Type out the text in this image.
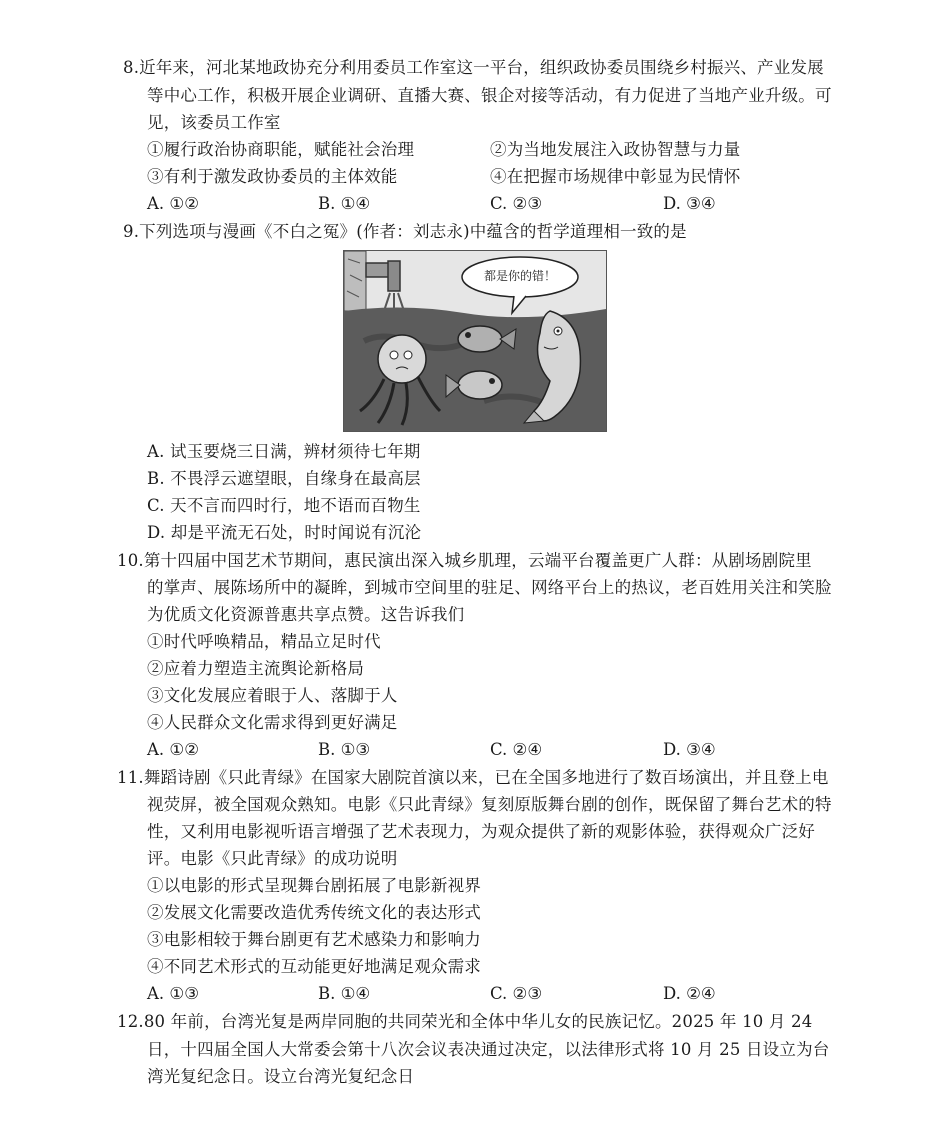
8.近年来，河北某地政协充分利用委员工作室这一平台，组织政协委员围绕乡村振兴、产业发展
等中心工作，积极开展企业调研、直播大赛、银企对接等活动，有力促进了当地产业升级。可
见，该委员工作室
①履行政治协商职能，赋能社会治理	②为当地发展注入政协智慧与力量
③有利于激发政协委员的主体效能	④在把握市场规律中彰显为民情怀
A. ①②	B. ①④	C. ②③	D. ③④
9.下列选项与漫画《不白之冤》(作者：刘志永)中蕴含的哲学道理相一致的是
都是你的错！
A. 试玉要烧三日满，辨材须待七年期
B. 不畏浮云遮望眼，自缘身在最高层
C. 天不言而四时行，地不语而百物生
D. 却是平流无石处，时时闻说有沉沦
10.第十四届中国艺术节期间，惠民演出深入城乡肌理，云端平台覆盖更广人群：从剧场剧院里
的掌声、展陈场所中的凝眸，到城市空间里的驻足、网络平台上的热议，老百姓用关注和笑脸
为优质文化资源普惠共享点赞。这告诉我们
①时代呼唤精品，精品立足时代
②应着力塑造主流舆论新格局
③文化发展应着眼于人、落脚于人
④人民群众文化需求得到更好满足
A. ①②	B. ①③	C. ②④	D. ③④
11.舞蹈诗剧《只此青绿》在国家大剧院首演以来，已在全国多地进行了数百场演出，并且登上电
视荧屏，被全国观众熟知。电影《只此青绿》复刻原版舞台剧的创作，既保留了舞台艺术的特
性，又利用电影视听语言增强了艺术表现力，为观众提供了新的观影体验，获得观众广泛好
评。电影《只此青绿》的成功说明
①以电影的形式呈现舞台剧拓展了电影新视界
②发展文化需要改造优秀传统文化的表达形式
③电影相较于舞台剧更有艺术感染力和影响力
④不同艺术形式的互动能更好地满足观众需求
A. ①③	B. ①④	C. ②③	D. ②④
12.80 年前，台湾光复是两岸同胞的共同荣光和全体中华儿女的民族记忆。2025 年 10 月 24
日，十四届全国人大常委会第十八次会议表决通过决定，以法律形式将 10 月 25 日设立为台
湾光复纪念日。设立台湾光复纪念日
